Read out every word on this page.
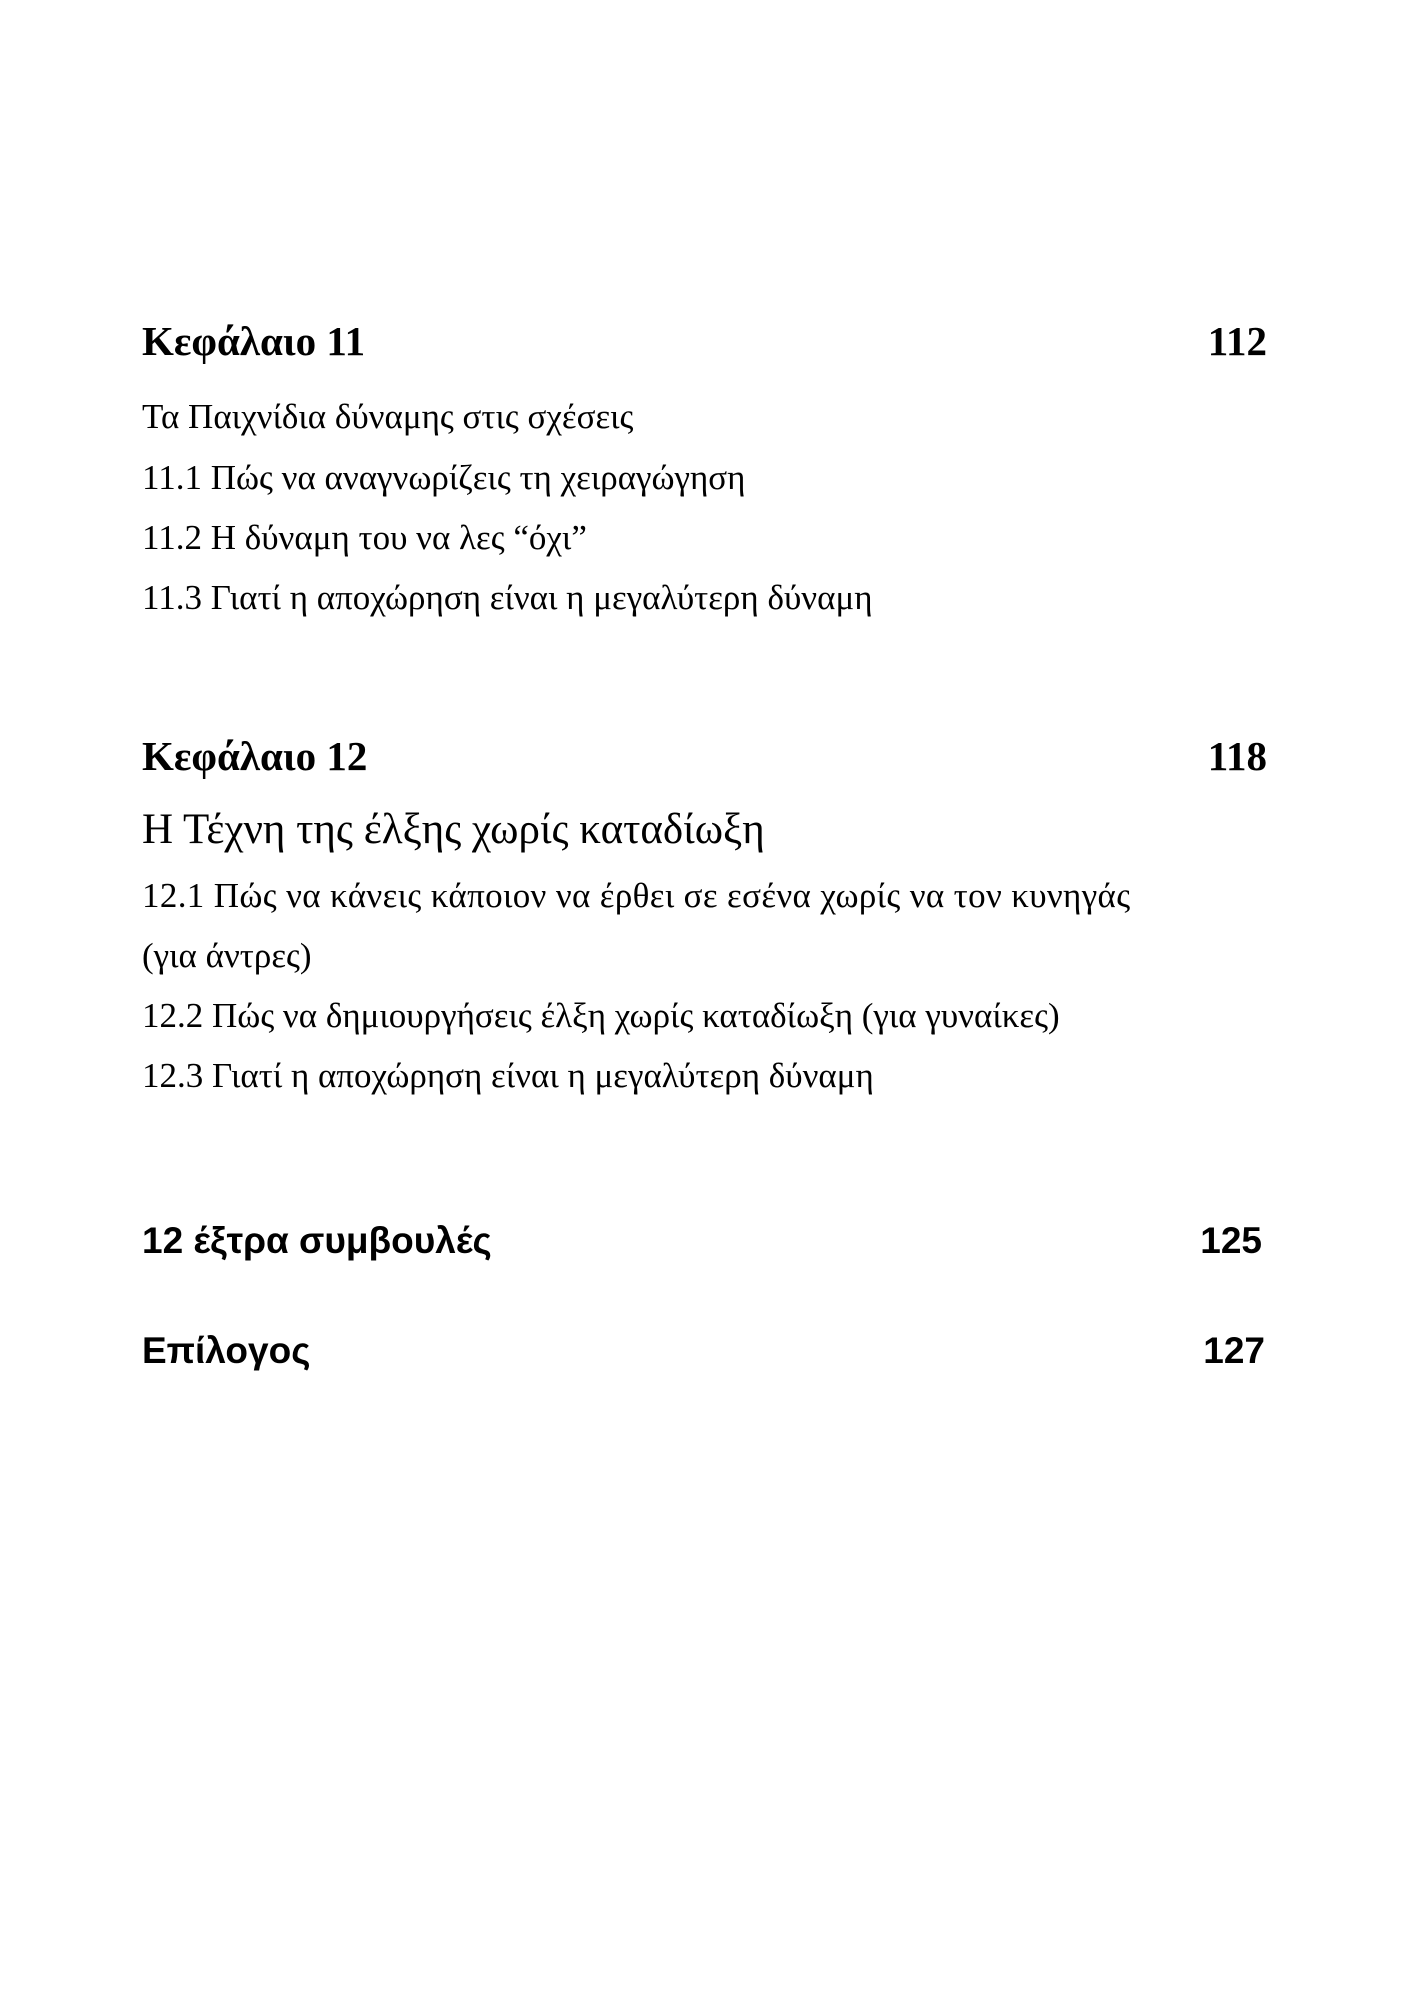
Κεφάλαιο 11	112
Τα Παιχνίδια δύναμης στις σχέσεις
11.1 Πώς να αναγνωρίζεις τη χειραγώγηση
11.2 Η δύναμη του να λες “όχι”
11.3 Γιατί η αποχώρηση είναι η μεγαλύτερη δύναμη
Κεφάλαιο 12	118
Η Τέχνη της έλξης χωρίς καταδίωξη
12.1 Πώς να κάνεις κάποιον να έρθει σε εσένα χωρίς να τον κυνηγάς
(για άντρες)
12.2 Πώς να δημιουργήσεις έλξη χωρίς καταδίωξη (για γυναίκες)
12.3 Γιατί η αποχώρηση είναι η μεγαλύτερη δύναμη
12 έξτρα συμβουλές	125
Επίλογος	127
